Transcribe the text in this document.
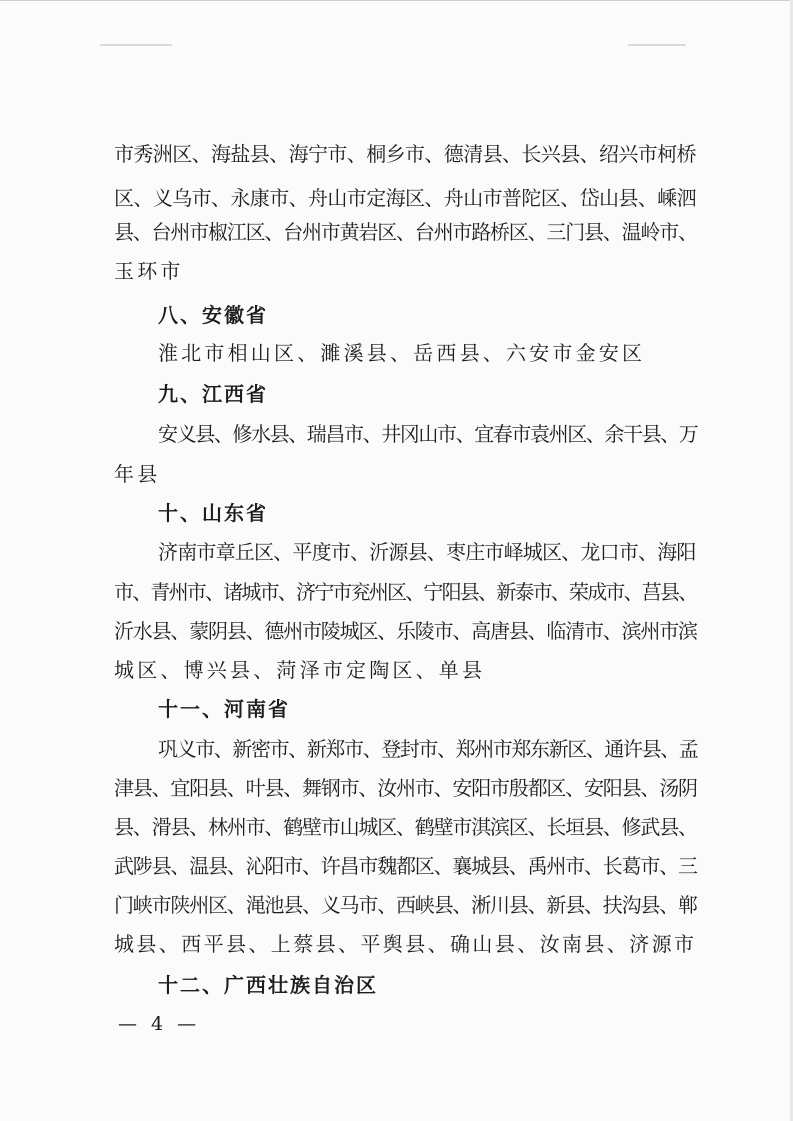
市秀洲区、海盐县、海宁市、桐乡市、德清县、长兴县、绍兴市柯桥
区、义乌市、永康市、舟山市定海区、舟山市普陀区、岱山县、嵊泗
县、台州市椒江区、台州市黄岩区、台州市路桥区、三门县、温岭市、
玉环市
八、安徽省
淮北市相山区、濉溪县、岳西县、六安市金安区
九、江西省
安义县、修水县、瑞昌市、井冈山市、宜春市袁州区、余干县、万
年县
十、山东省
济南市章丘区、平度市、沂源县、枣庄市峄城区、龙口市、海阳
市、青州市、诸城市、济宁市兖州区、宁阳县、新泰市、荣成市、莒县、
沂水县、蒙阴县、德州市陵城区、乐陵市、高唐县、临清市、滨州市滨
城区、博兴县、菏泽市定陶区、单县
十一、河南省
巩义市、新密市、新郑市、登封市、郑州市郑东新区、通许县、孟
津县、宜阳县、叶县、舞钢市、汝州市、安阳市殷都区、安阳县、汤阴
县、滑县、林州市、鹤壁市山城区、鹤壁市淇滨区、长垣县、修武县、
武陟县、温县、沁阳市、许昌市魏都区、襄城县、禹州市、长葛市、三
门峡市陕州区、渑池县、义马市、西峡县、淅川县、新县、扶沟县、郸
城县、西平县、上蔡县、平舆县、确山县、汝南县、济源市
十二、广西壮族自治区
— 4 —
